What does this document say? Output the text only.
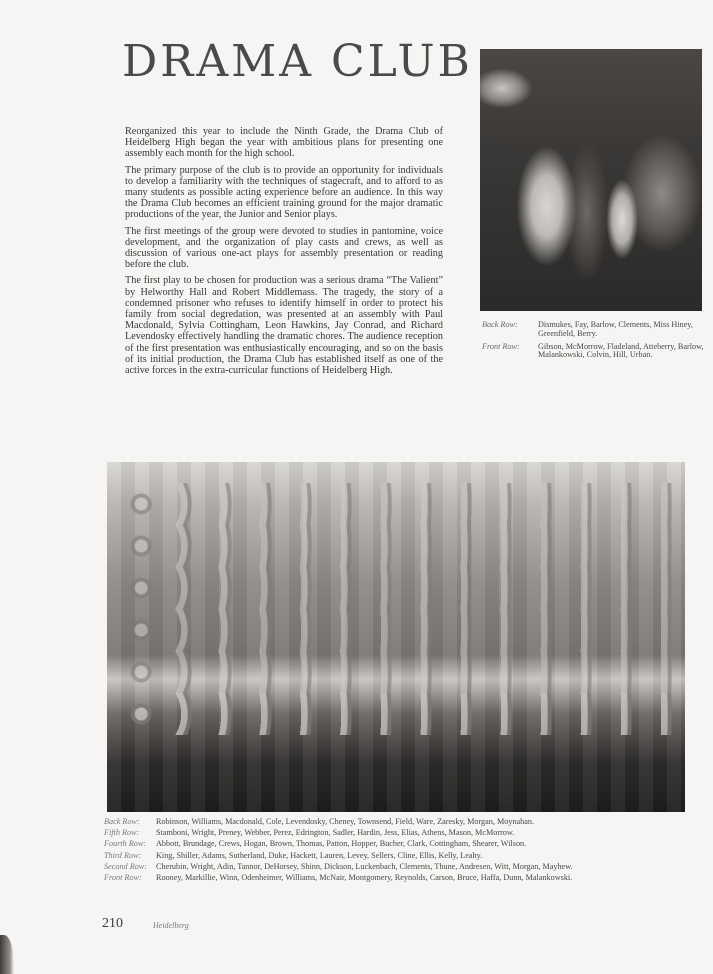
DRAMA CLUB

Reorganized this year to include the Ninth Grade, the Drama Club of Heidelberg High began the year with ambitious plans for presenting one assembly each month for the high school.

The primary purpose of the club is to provide an opportunity for individuals to develop a familiarity with the techniques of stagecraft, and to afford to as many students as possible acting experience before an audience. In this way the Drama Club becomes an efficient training ground for the major dramatic productions of the year, the Junior and Senior plays.

The first meetings of the group were devoted to studies in pantomine, voice development, and the organization of play casts and crews, as well as discussion of various one-act plays for assembly presentation or reading before the club.

The first play to be chosen for production was a serious drama “The Valient” by Helworthy Hall and Robert Middlemass. The tragedy, the story of a condemned prisoner who refuses to identify himself in order to protect his family from social degredation, was presented at an assembly with Paul Macdonald, Sylvia Cottingham, Leon Hawkins, Jay Conrad, and Richard Levendosky effectively handling the dramatic chores. The audience reception of the first presentation was enthusiastically encouraging, and so on the basis of its initial production, the Drama Club has established itself as one of the active forces in the extra-curricular functions of Heidelberg High.

Back Row:	Dismukes, Fay, Barlow, Clements, Miss Hiney, Greenfield, Berry.
Front Row:	Gibson, McMorrow, Fladeland, Atteberry, Barlow, Malankowski, Colvin, Hill, Urban.
Back Row:	Robinson, Williams, Macdonald, Cole, Levendosky, Cheney, Townsend, Field, Ware, Zaresky, Morgan, Moynahan.
Fifth Row:	Stamboni, Wright, Preney, Webber, Perez, Edrington, Sadler, Hardin, Jess, Elias, Athens, Mason, McMorrow.
Fourth Row:	Abbott, Brundage, Crews, Hogan, Brown, Thomas, Patton, Hopper, Bucher, Clark, Cottingham, Shearer, Wilson.
Third Row:	King, Shiller, Adams, Sutherland, Duke, Hackett, Lauren, Levey, Sellers, Cline, Ellis, Kelly, Leahy.
Second Row:	Cherubin, Wright, Adin, Tannor, DeHorsey, Shinn, Dickson, Luckenbach, Clements, Thune, Andresen, Witt, Morgan, Mayhew.
Front Row:	Rooney, Markillie, Winn, Odenheimer, Williams, McNair, Montgomery, Reynolds, Carson, Bruce, Haffa, Dunn, Malankowski.
210	Heidelberg
